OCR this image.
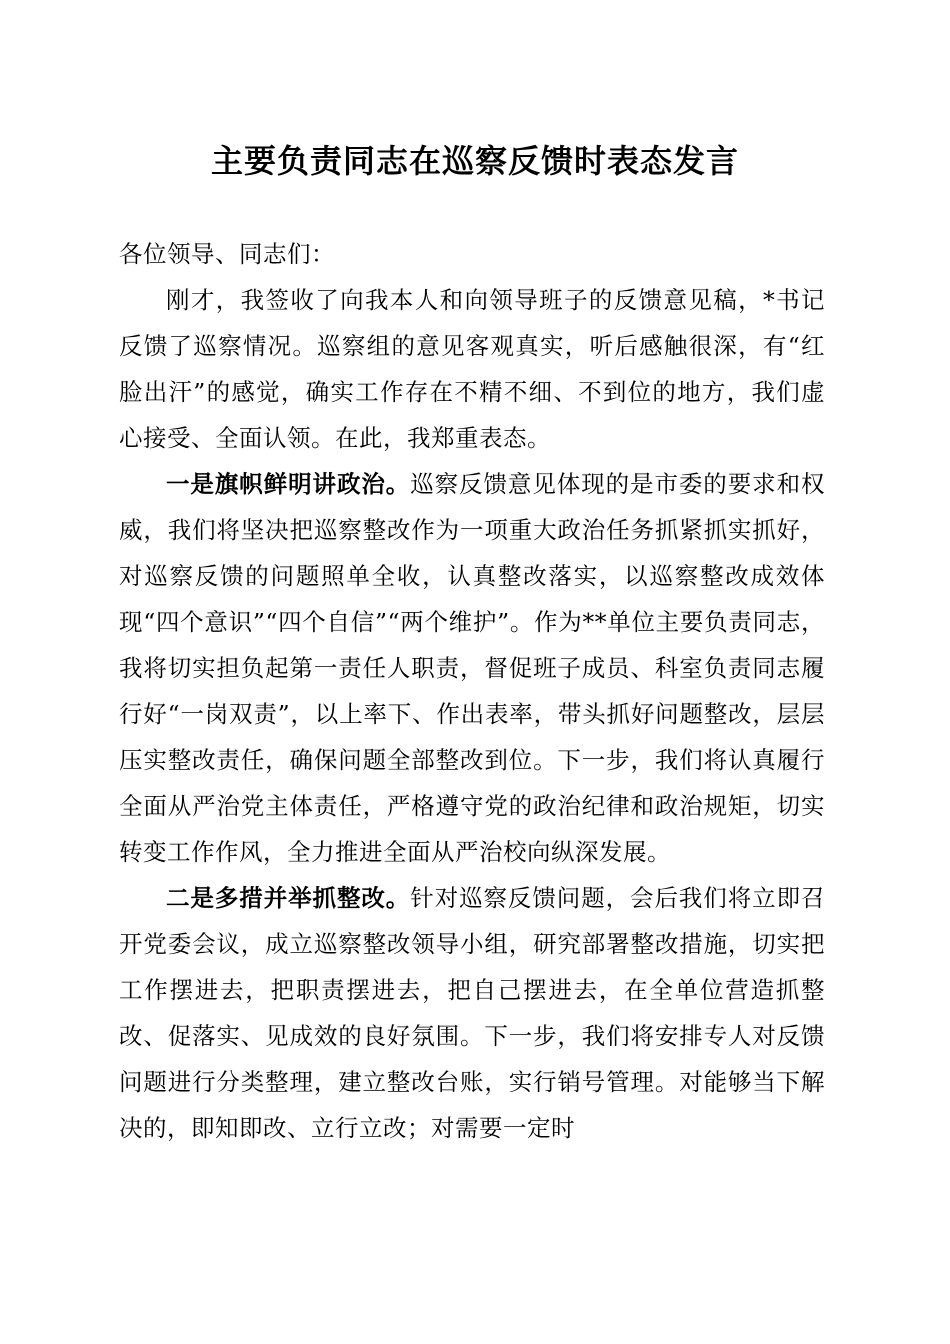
主要负责同志在巡察反馈时表态发言

各位领导、同志们：

刚才，我签收了向我本人和向领导班子的反馈意见稿，*书记反馈了巡察情况。巡察组的意见客观真实，听后感触很深，有“红脸出汗”的感觉，确实工作存在不精不细、不到位的地方，我们虚心接受、全面认领。在此，我郑重表态。

一是旗帜鲜明讲政治。巡察反馈意见体现的是市委的要求和权威，我们将坚决把巡察整改作为一项重大政治任务抓紧抓实抓好，对巡察反馈的问题照单全收，认真整改落实，以巡察整改成效体现“四个意识”“四个自信”“两个维护”。作为**单位主要负责同志，我将切实担负起第一责任人职责，督促班子成员、科室负责同志履行好“一岗双责”，以上率下、作出表率，带头抓好问题整改，层层压实整改责任，确保问题全部整改到位。下一步，我们将认真履行全面从严治党主体责任，严格遵守党的政治纪律和政治规矩，切实转变工作作风，全力推进全面从严治校向纵深发展。

二是多措并举抓整改。针对巡察反馈问题，会后我们将立即召开党委会议，成立巡察整改领导小组，研究部署整改措施，切实把工作摆进去，把职责摆进去，把自己摆进去，在全单位营造抓整改、促落实、见成效的良好氛围。下一步，我们将安排专人对反馈问题进行分类整理，建立整改台账，实行销号管理。对能够当下解决的，即知即改、立行立改；对需要一定时
